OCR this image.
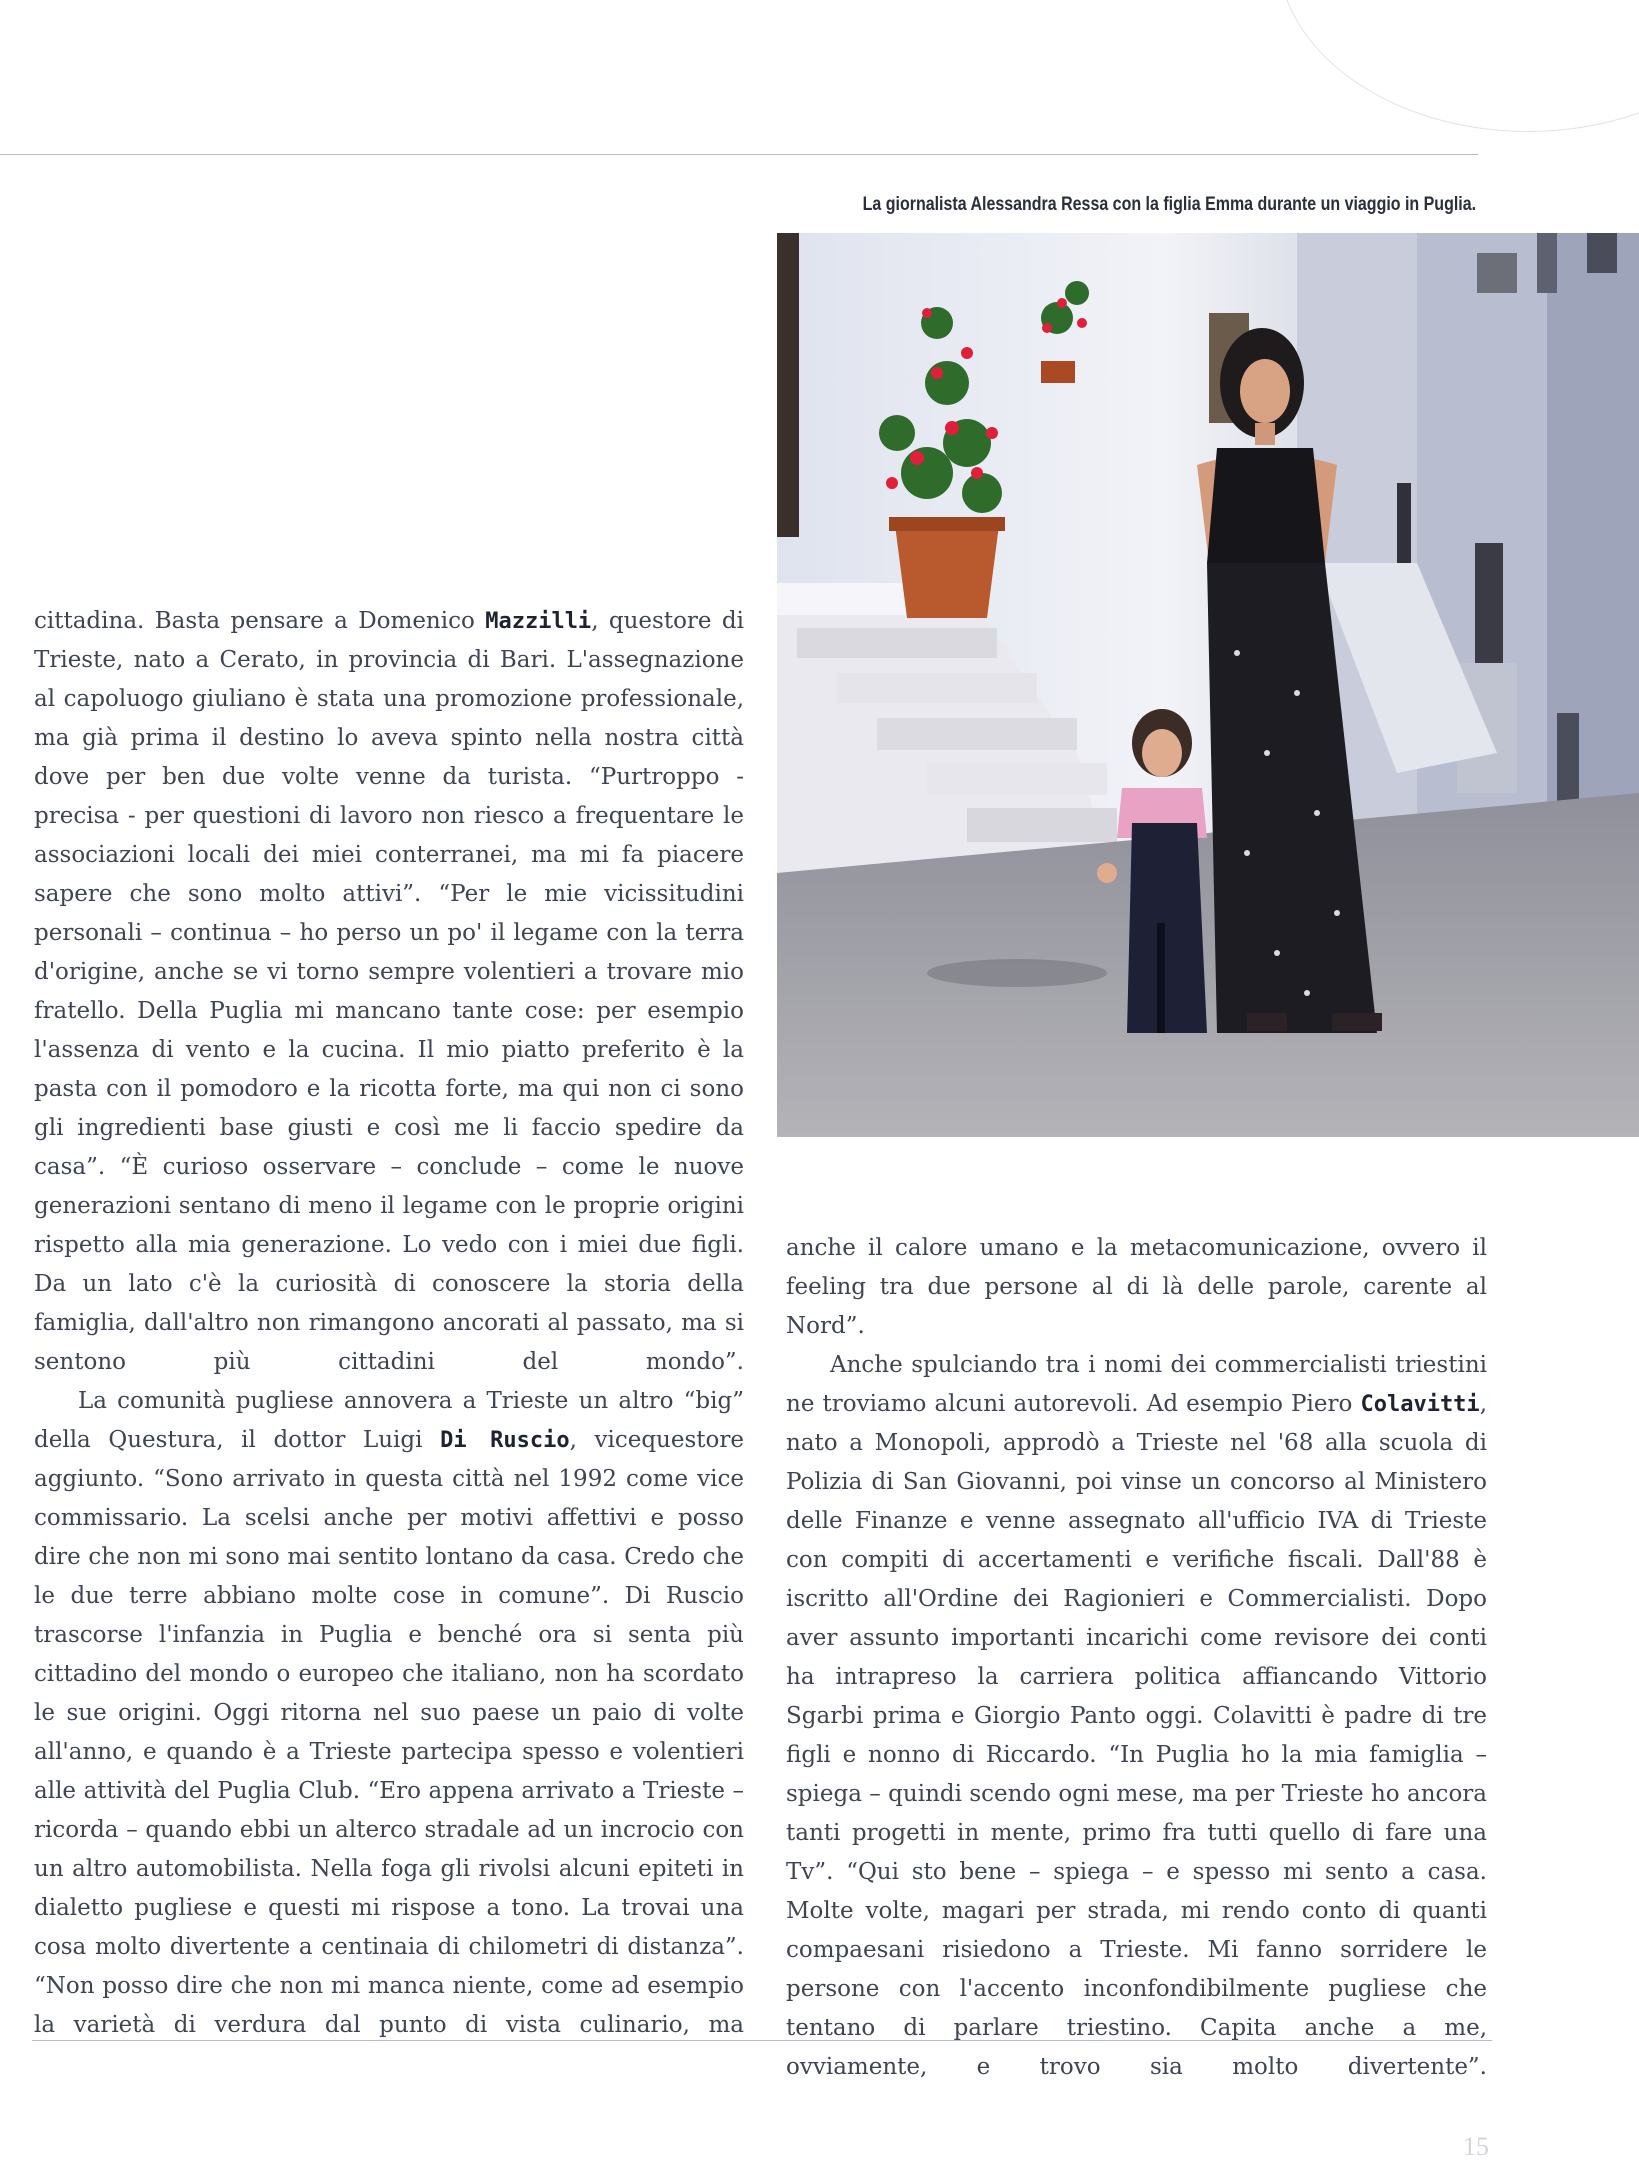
La giornalista Alessandra Ressa con la figlia Emma durante un viaggio in Puglia.

cittadina. Basta pensare a Domenico Mazzilli, questore di Trieste, nato a Cerato, in provincia di Bari. L'assegnazione al capoluogo giuliano è stata una promozione professionale, ma già prima il destino lo aveva spinto nella nostra città dove per ben due volte venne da turista. “Purtroppo - precisa - per questioni di lavoro non riesco a frequentare le associazioni locali dei miei conterranei, ma mi fa piacere sapere che sono molto attivi”. “Per le mie vicissitudini personali – continua – ho perso un po' il legame con la terra d'origine, anche se vi torno sempre volentieri a trovare mio fratello. Della Puglia mi mancano tante cose: per esempio l'assenza di vento e la cucina. Il mio piatto preferito è la pasta con il pomodoro e la ricotta forte, ma qui non ci sono gli ingredienti base giusti e così me li faccio spedire da casa”. “È curioso osservare – conclude – come le nuove generazioni sentano di meno il legame con le proprie origini rispetto alla mia generazione. Lo vedo con i miei due figli. Da un lato c'è la curiosità di conoscere la storia della famiglia, dall'altro non rimangono ancorati al passato, ma si sentono più cittadini del mondo”.

La comunità pugliese annovera a Trieste un altro “big” della Questura, il dottor Luigi Di Ruscio, vicequestore aggiunto. “Sono arrivato in questa città nel 1992 come vice commissario. La scelsi anche per motivi affettivi e posso dire che non mi sono mai sentito lontano da casa. Credo che le due terre abbiano molte cose in comune”. Di Ruscio trascorse l'infanzia in Puglia e benché ora si senta più cittadino del mondo o europeo che italiano, non ha scordato le sue origini. Oggi ritorna nel suo paese un paio di volte all'anno, e quando è a Trieste partecipa spesso e volentieri alle attività del Puglia Club. “Ero appena arrivato a Trieste – ricorda – quando ebbi un alterco stradale ad un incrocio con un altro automobilista. Nella foga gli rivolsi alcuni epiteti in dialetto pugliese e questi mi rispose a tono. La trovai una cosa molto divertente a centinaia di chilometri di distanza”. “Non posso dire che non mi manca niente, come ad esempio la varietà di verdura dal punto di vista culinario, ma

anche il calore umano e la metacomunicazione, ovvero il feeling tra due persone al di là delle parole, carente al Nord”.

Anche spulciando tra i nomi dei commercialisti triestini ne troviamo alcuni autorevoli. Ad esempio Piero Colavitti, nato a Monopoli, approdò a Trieste nel '68 alla scuola di Polizia di San Giovanni, poi vinse un concorso al Ministero delle Finanze e venne assegnato all'ufficio IVA di Trieste con compiti di accertamenti e verifiche fiscali. Dall'88 è iscritto all'Ordine dei Ragionieri e Commercialisti. Dopo aver assunto importanti incarichi come revisore dei conti ha intrapreso la carriera politica affiancando Vittorio Sgarbi prima e Giorgio Panto oggi. Colavitti è padre di tre figli e nonno di Riccardo. “In Puglia ho la mia famiglia – spiega – quindi scendo ogni mese, ma per Trieste ho ancora tanti progetti in mente, primo fra tutti quello di fare una Tv”. “Qui sto bene – spiega – e spesso mi sento a casa. Molte volte, magari per strada, mi rendo conto di quanti compaesani risiedono a Trieste. Mi fanno sorridere le persone con l'accento inconfondibilmente pugliese che tentano di parlare triestino. Capita anche a me, ovviamente, e trovo sia molto divertente”.

15
